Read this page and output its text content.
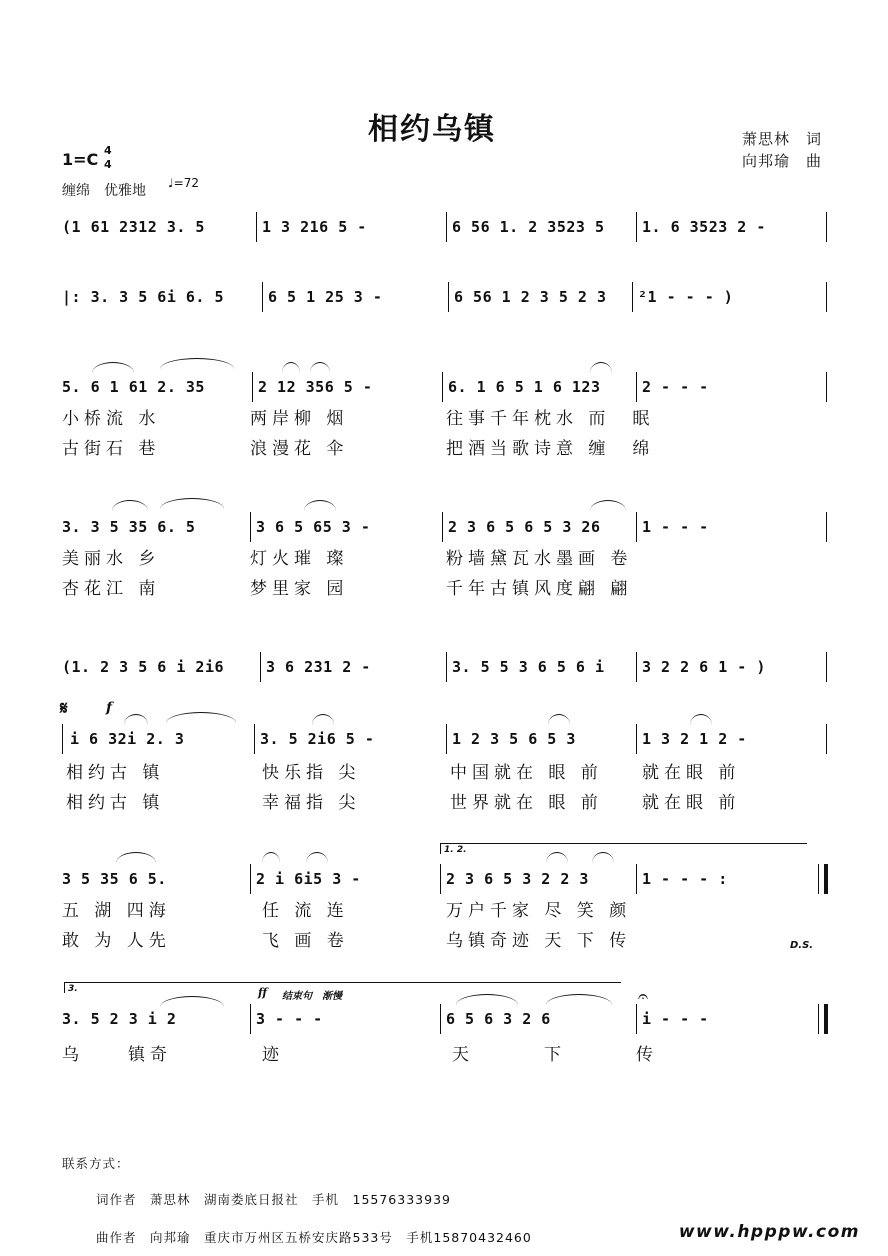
相约乌镇	萧思林　词
向邦瑜　曲
1=C 4
4
缠绵　优雅地 ♩=72
(1 61 2312 3. 5	1 3 216 5 -	6 56 1. 2 3523 5	1. 6 3523 2 -
|: 3. 3 5 6i 6. 5	6 5 1 25 3 -	6 56 1 2 3 5 2 3 ²1 - - - )
5. 6 1 61 2. 35	2 12 356 5 -	6. 1 6 5 1 6 123	2 - - -
小桥流 水	两岸柳 烟	往事千年枕水 而　眠
古街石 巷	浪漫花 伞	把酒当歌诗意 缠　绵
3. 3 5 35 6. 5	3 6 5 65 3 -	2 3 6 5 6 5 3 26	1 - - -
美丽水 乡	灯火璀 璨	粉墙黛瓦水墨画 卷
杏花江 南	梦里家 园	千年古镇风度翩 翩
(1. 2 3 5 6 i 2i6	3 6 231 2 -	3. 5 5 3 6 5 6 i	3 2 2 6 1 - )
𝄋	f
i 6 32i 2. 3	3. 5 2i6 5 -	1 2 3 5 6 5 3	1 3 2 1 2 -
相约古 镇	快乐指 尖	中国就在 眼 前 就在眼 前
相约古 镇	幸福指 尖	世界就在 眼 前 就在眼 前
1. 2.
3 5 35 6 5.	2 i 6i5 3 -	2 3 6 5 3 2 2 3	1 - - - :
五 湖 四海	任 流 连	万户千家 尽 笑 颜
敢 为 人先	飞 画 卷	乌镇奇迹 天 下 传	D.S.
3.	ff 结束句　渐慢	𝄐
3. 5 2 3 i 2	3 - - -	6 5 6 3 2 6	i - - -
乌　　镇奇	迹	天	下	传
联系方式：
词作者　萧思林　湖南娄底日报社　手机　15576333939
曲作者　向邦瑜　重庆市万州区五桥安庆路533号　手机15870432460	www.hpppw.com
